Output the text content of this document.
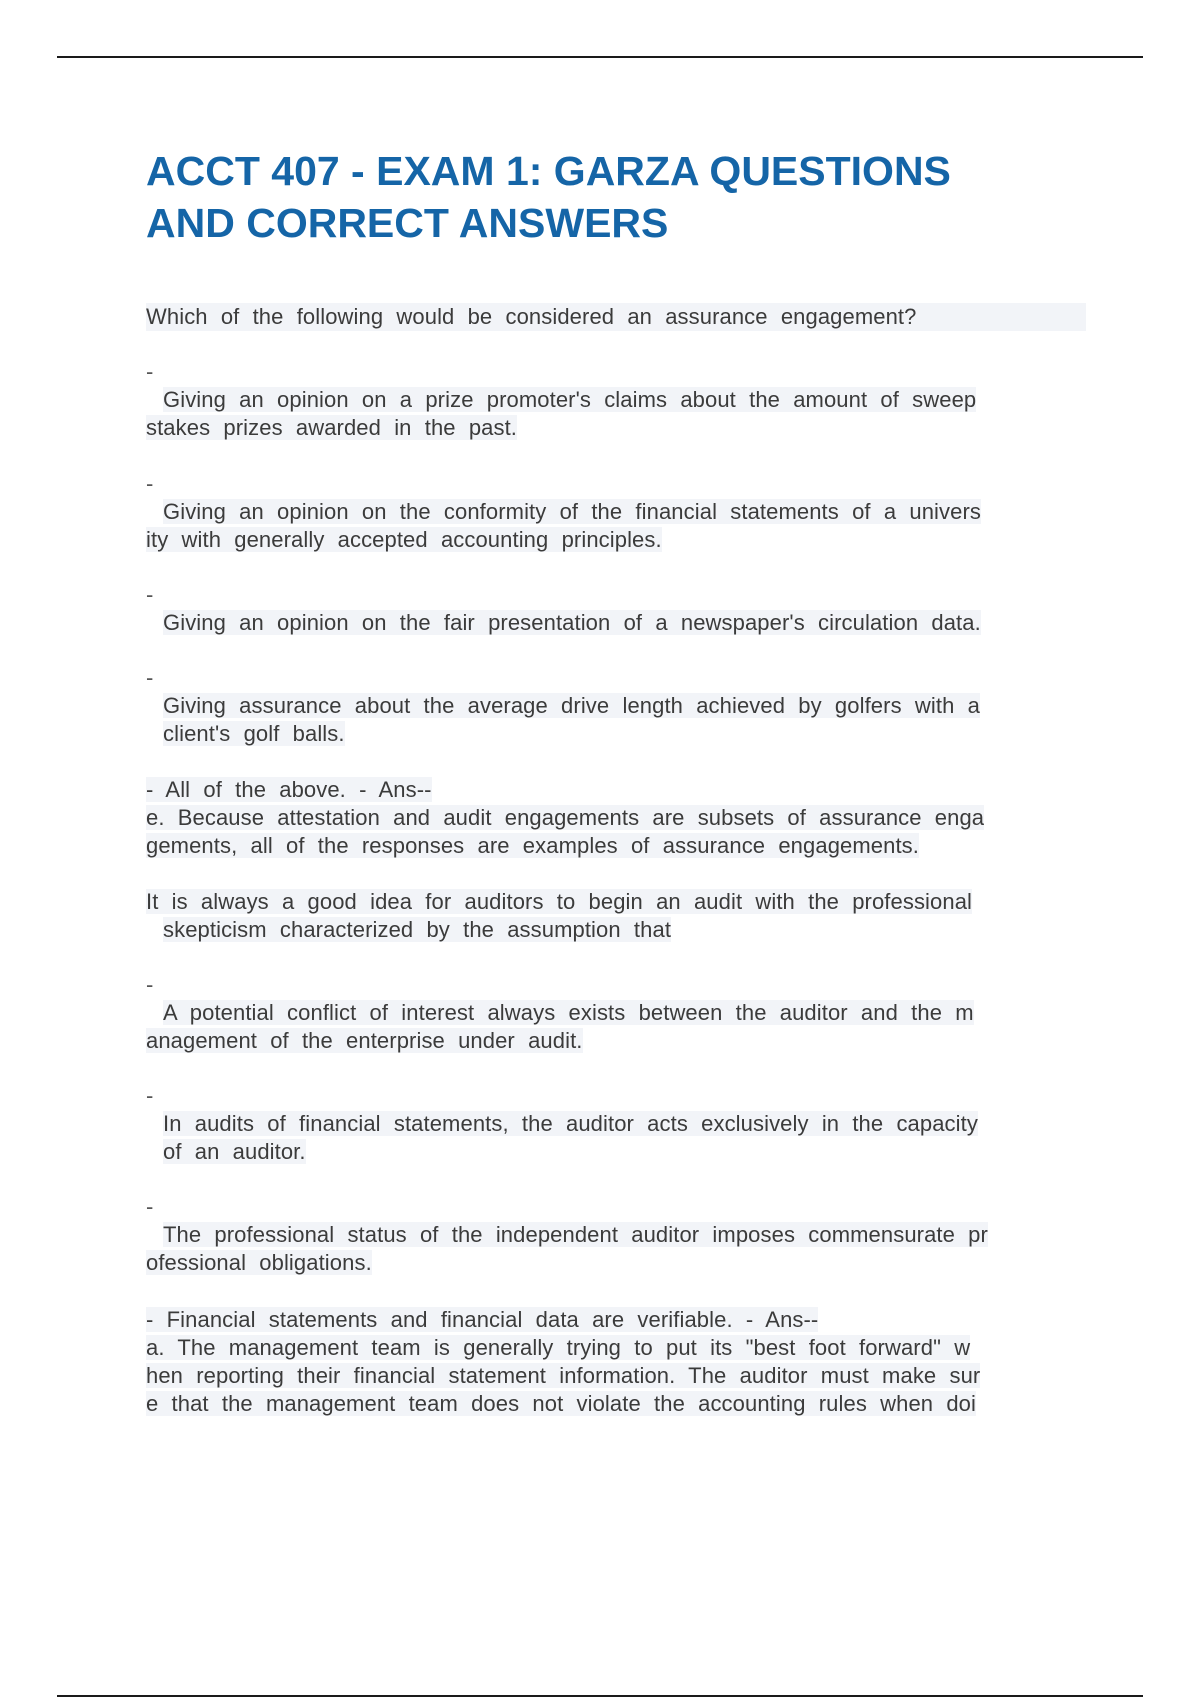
ACCT 407 - EXAM 1: GARZA QUESTIONS
AND CORRECT ANSWERS
Which of the following would be considered an assurance engagement?
-
Giving an opinion on a prize promoter's claims about the amount of sweep
stakes prizes awarded in the past.
-
Giving an opinion on the conformity of the financial statements of a univers
ity with generally accepted accounting principles.
-
Giving an opinion on the fair presentation of a newspaper's circulation data.
-
Giving assurance about the average drive length achieved by golfers with a
client's golf balls.
- All of the above. - Ans--
e. Because attestation and audit engagements are subsets of assurance enga
gements, all of the responses are examples of assurance engagements.
It is always a good idea for auditors to begin an audit with the professional
skepticism characterized by the assumption that
-
A potential conflict of interest always exists between the auditor and the m
anagement of the enterprise under audit.
-
In audits of financial statements, the auditor acts exclusively in the capacity
of an auditor.
-
The professional status of the independent auditor imposes commensurate pr
ofessional obligations.
- Financial statements and financial data are verifiable. - Ans--
a. The management team is generally trying to put its "best foot forward" w
hen reporting their financial statement information. The auditor must make sur
e that the management team does not violate the accounting rules when doi
